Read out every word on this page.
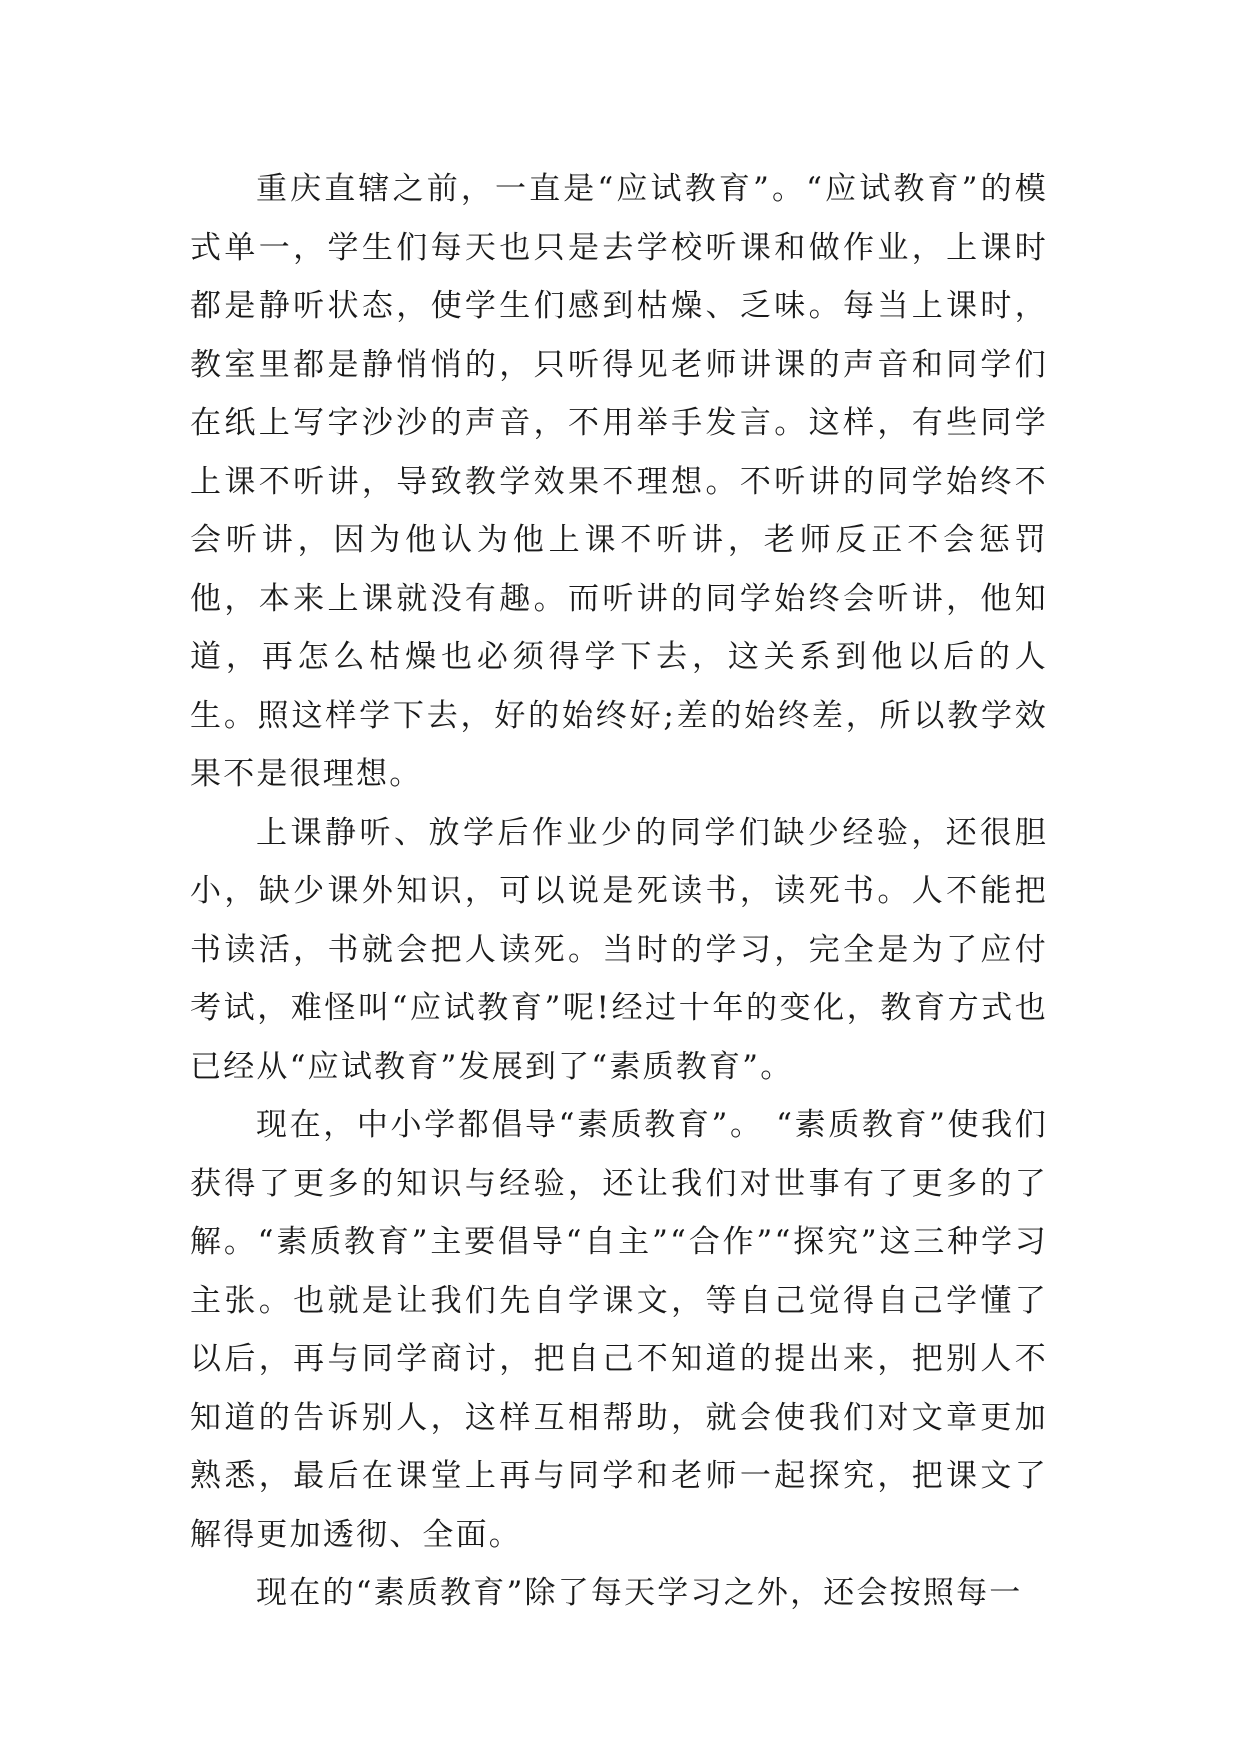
重庆直辖之前，一直是“应试教育”。“应试教育”的模式单一，学生们每天也只是去学校听课和做作业，上课时都是静听状态，使学生们感到枯燥、乏味。每当上课时，教室里都是静悄悄的，只听得见老师讲课的声音和同学们在纸上写字沙沙的声音，不用举手发言。这样，有些同学上课不听讲，导致教学效果不理想。不听讲的同学始终不会听讲，因为他认为他上课不听讲，老师反正不会惩罚他，本来上课就没有趣。而听讲的同学始终会听讲，他知道，再怎么枯燥也必须得学下去，这关系到他以后的人生。照这样学下去，好的始终好;差的始终差，所以教学效果不是很理想。

上课静听、放学后作业少的同学们缺少经验，还很胆小，缺少课外知识，可以说是死读书，读死书。人不能把书读活，书就会把人读死。当时的学习，完全是为了应付考试，难怪叫“应试教育”呢!经过十年的变化，教育方式也已经从“应试教育”发展到了“素质教育”。

现在，中小学都倡导“素质教育”。 “素质教育”使我们获得了更多的知识与经验，还让我们对世事有了更多的了解。“素质教育”主要倡导“自主”“合作”“探究”这三种学习主张。也就是让我们先自学课文，等自己觉得自己学懂了以后，再与同学商讨，把自己不知道的提出来，把别人不知道的告诉别人，这样互相帮助，就会使我们对文章更加熟悉，最后在课堂上再与同学和老师一起探究，把课文了解得更加透彻、全面。

现在的“素质教育”除了每天学习之外，还会按照每一
